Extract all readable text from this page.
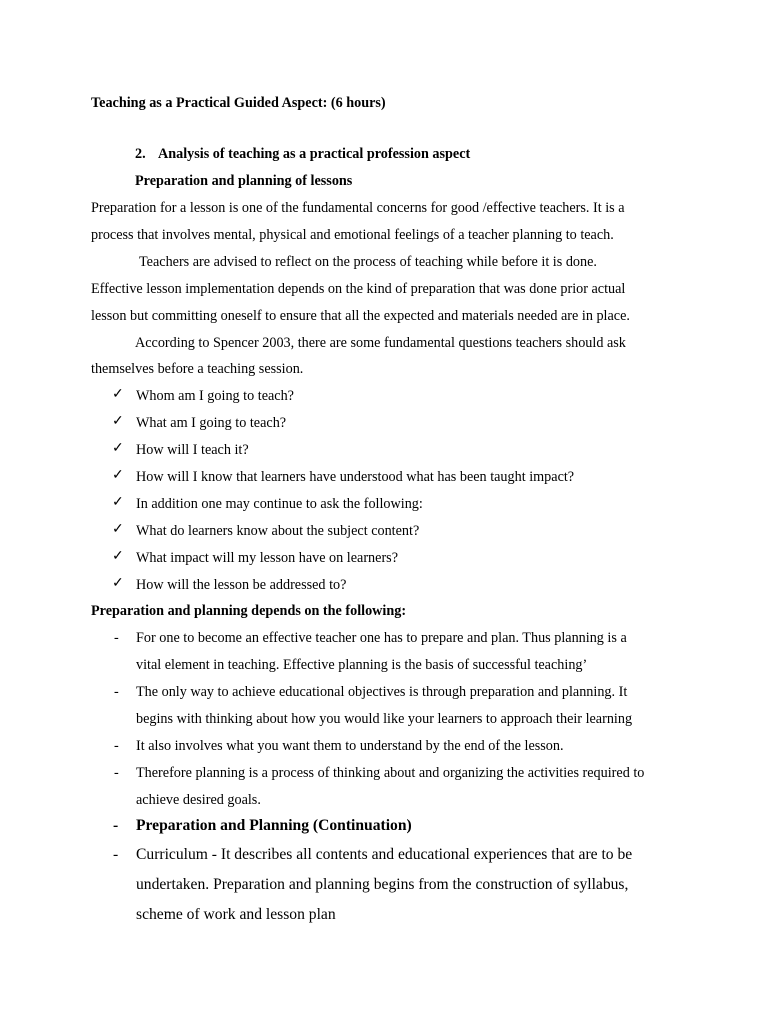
Teaching as a Practical Guided Aspect: (6 hours)
2. Analysis of teaching as a practical profession aspect
Preparation and planning of lessons
Preparation for a lesson is one of the fundamental concerns for good /effective teachers. It is a
process that involves mental, physical and emotional feelings of a teacher planning to teach.
Teachers are advised to reflect on the process of teaching while before it is done.
Effective lesson implementation depends on the kind of preparation that was done prior actual
lesson but committing oneself to ensure that all the expected and materials needed are in place.
According to Spencer 2003, there are some fundamental questions teachers should ask
themselves before a teaching session.
✓ Whom am I going to teach?
✓ What am I going to teach?
✓ How will I teach it?
✓ How will I know that learners have understood what has been taught impact?
✓ In addition one may continue to ask the following:
✓ What do learners know about the subject content?
✓ What impact will my lesson have on learners?
✓ How will the lesson be addressed to?
Preparation and planning depends on the following:
- For one to become an effective teacher one has to prepare and plan. Thus planning is a
vital element in teaching. Effective planning is the basis of successful teaching’
- The only way to achieve educational objectives is through preparation and planning. It
begins with thinking about how you would like your learners to approach their learning
- It also involves what you want them to understand by the end of the lesson.
- Therefore planning is a process of thinking about and organizing the activities required to
achieve desired goals.
- Preparation and Planning (Continuation)
- Curriculum - It describes all contents and educational experiences that are to be
undertaken. Preparation and planning begins from the construction of syllabus,
scheme of work and lesson plan
